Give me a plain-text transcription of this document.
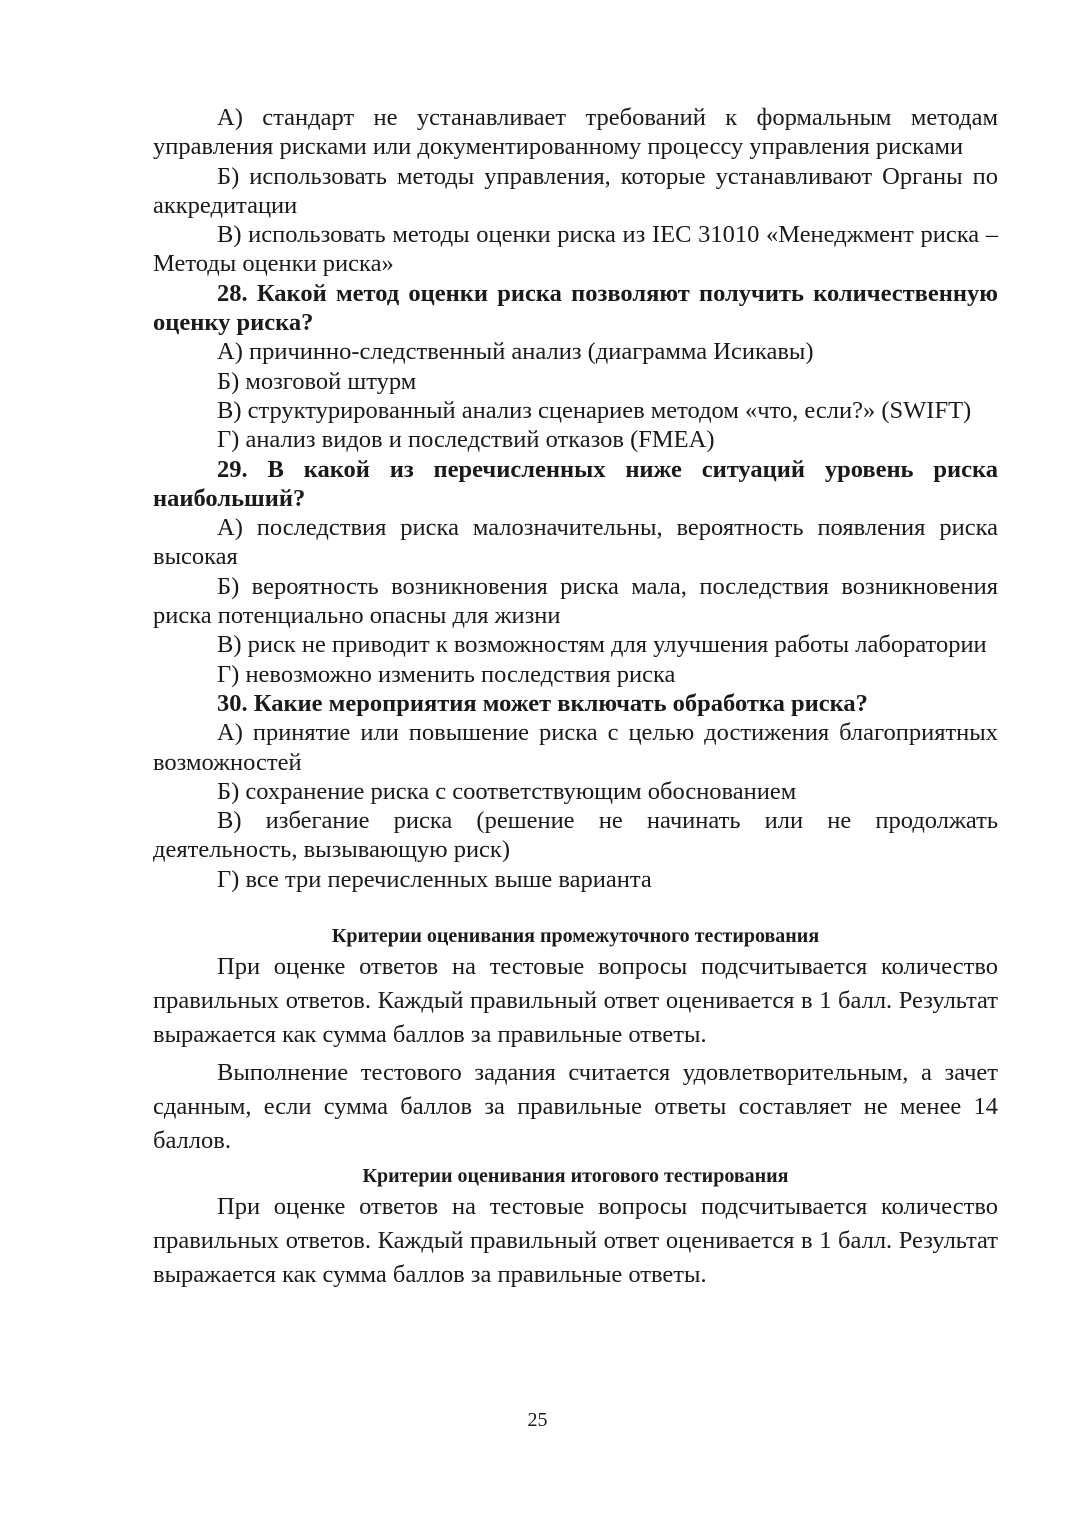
А) стандарт не устанавливает требований к формальным методам управления рисками или документированному процессу управления рисками

Б) использовать методы управления, которые устанавливают Органы по аккредитации

В) использовать методы оценки риска из IEC 31010 «Менеджмент риска – Методы оценки риска»

28. Какой метод оценки риска позволяют получить количественную оценку риска?

А) причинно-следственный анализ (диаграмма Исикавы)

Б) мозговой штурм

В) структурированный анализ сценариев методом «что, если?» (SWIFT)

Г) анализ видов и последствий отказов (FMEA)

29. В какой из перечисленных ниже ситуаций уровень риска наибольший?

А) последствия риска малозначительны, вероятность появления риска высокая

Б) вероятность возникновения риска мала, последствия возникновения риска потенциально опасны для жизни

В) риск не приводит к возможностям для улучшения работы лаборатории

Г) невозможно изменить последствия риска

30. Какие мероприятия может включать обработка риска?

А) принятие или повышение риска с целью достижения благоприятных возможностей

Б) сохранение риска с соответствующим обоснованием

В) избегание риска (решение не начинать или не продолжать деятельность, вызывающую риск)

Г) все три перечисленных выше варианта

Критерии оценивания промежуточного тестирования

При оценке ответов на тестовые вопросы подсчитывается количество правильных ответов. Каждый правильный ответ оценивается в 1 балл. Результат выражается как сумма баллов за правильные ответы.

Выполнение тестового задания считается удовлетворительным, а зачет сданным, если сумма баллов за правильные ответы составляет не менее 14 баллов.

Критерии оценивания итогового тестирования

При оценке ответов на тестовые вопросы подсчитывается количество правильных ответов. Каждый правильный ответ оценивается в 1 балл. Результат выражается как сумма баллов за правильные ответы.

25
